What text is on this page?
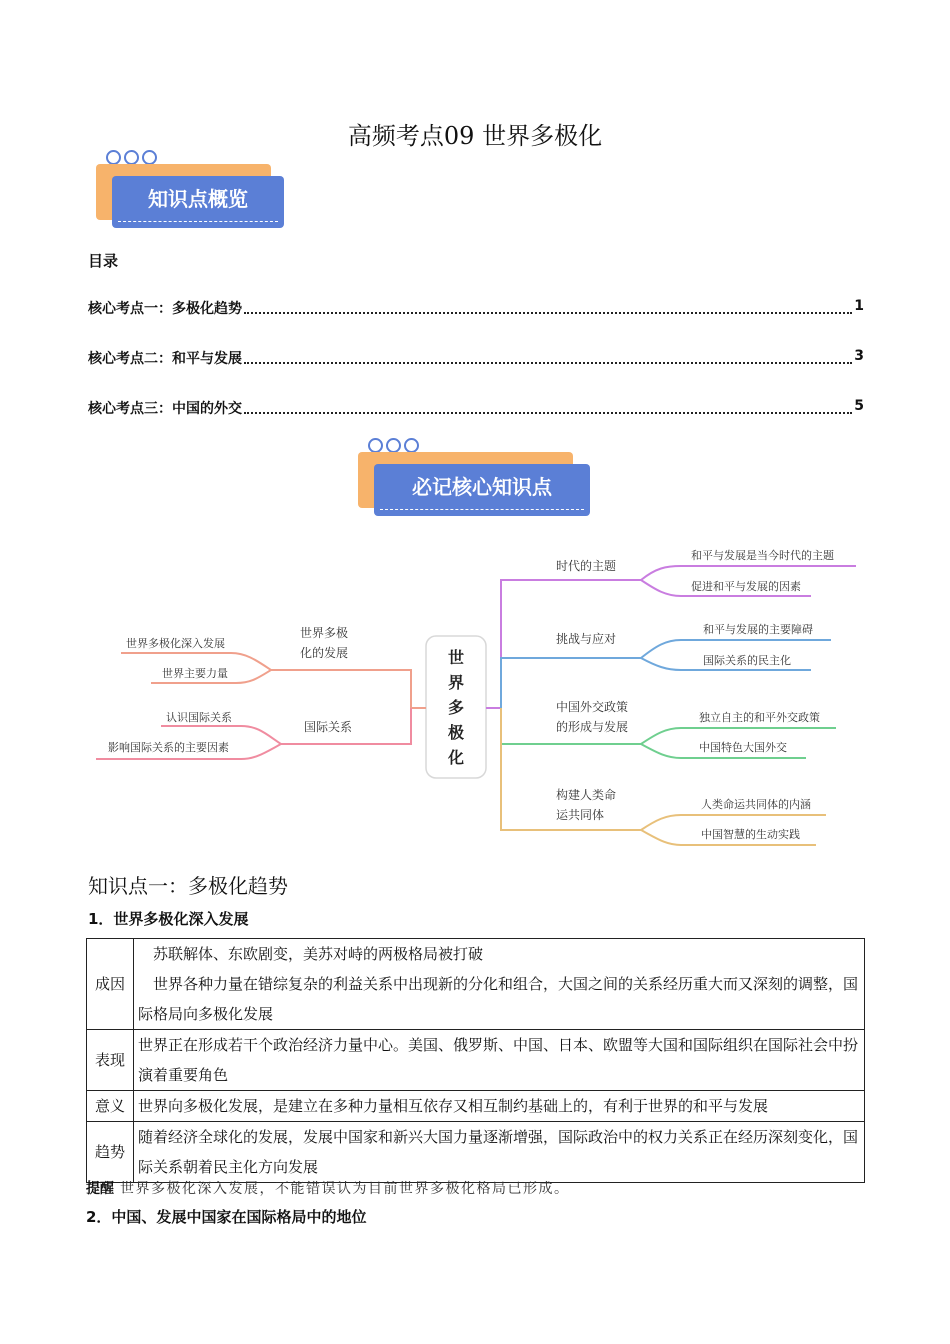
高频考点09 世界多极化
知识点概览
目录
核心考点一：多极化趋势	1
核心考点二：和平与发展	3
核心考点三：中国的外交	5
必记核心知识点
世
界
多
极
化
世界多极
化的发展
国际关系
世界多极化深入发展
世界主要力量
认识国际关系
影响国际关系的主要因素
时代的主题
挑战与应对
中国外交政策
的形成与发展
构建人类命
运共同体
和平与发展是当今时代的主题
促进和平与发展的因素
和平与发展的主要障碍
国际关系的民主化
独立自主的和平外交政策
中国特色大国外交
人类命运共同体的内涵
中国智慧的生动实践
知识点一：多极化趋势
1．世界多极化深入发展
成因	苏联解体、东欧剧变，美苏对峙的两极格局被打破
世界各种力量在错综复杂的利益关系中出现新的分化和组合，大国之间的关系经历重大而又深刻的调整，国际格局向多极化发展

表现	世界正在形成若干个政治经济力量中心。美国、俄罗斯、中国、日本、欧盟等大国和国际组织在国际社会中扮演着重要角色
意义	世界向多极化发展，是建立在多种力量相互依存又相互制约基础上的，有利于世界的和平与发展
趋势	随着经济全球化的发展，发展中国家和新兴大国力量逐渐增强，国际政治中的权力关系正在经历深刻变化，国际关系朝着民主化方向发展
提醒 世界多极化深入发展，不能错误认为目前世界多极化格局已形成。
2．中国、发展中国家在国际格局中的地位
